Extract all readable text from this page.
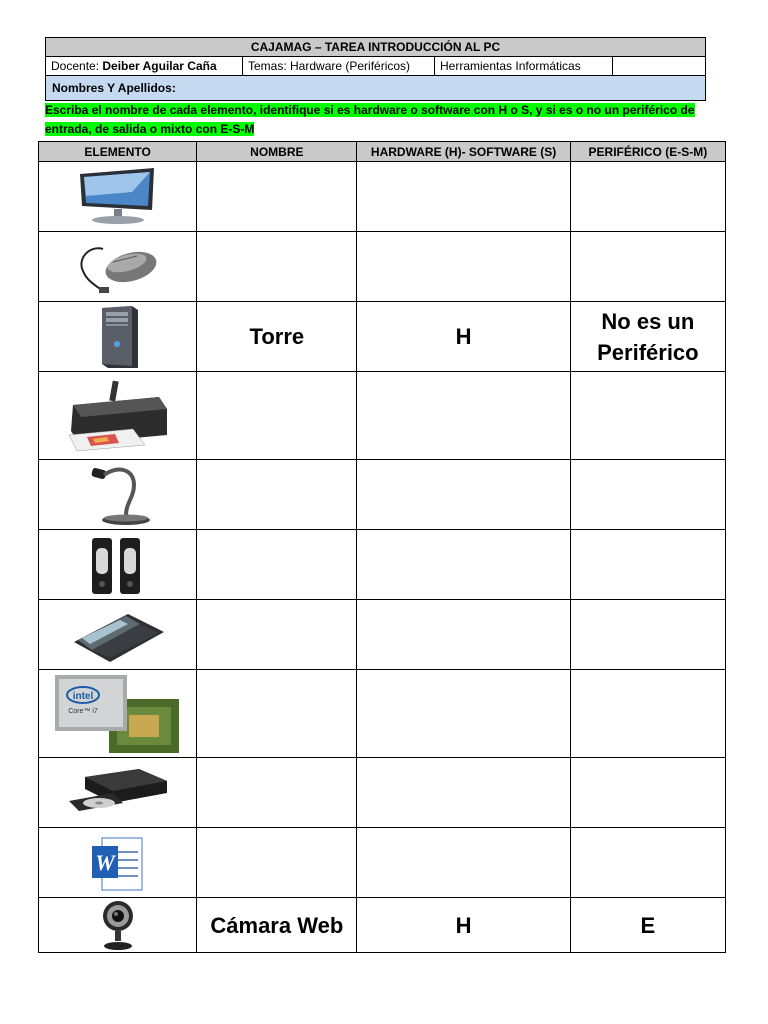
CAJAMAG – TAREA INTRODUCCIÓN AL PC
Docente:
Deiber Aguilar Caña	Temas: Hardware (Periféricos)	Herramientas Informáticas
Nombres Y Apellidos:
Escriba el nombre de cada elemento, identifique si es hardware o software con H o S, y si es o no un periférico de entrada, de salida o mixto con E-S-M
ELEMENTO	NOMBRE	HARDWARE (H)- SOFTWARE (S)	PERIFÉRICO (E-S-M)

	Torre	H	No es un Periférico

intel
Core™ i7			

W			

	Cámara Web	H	E
